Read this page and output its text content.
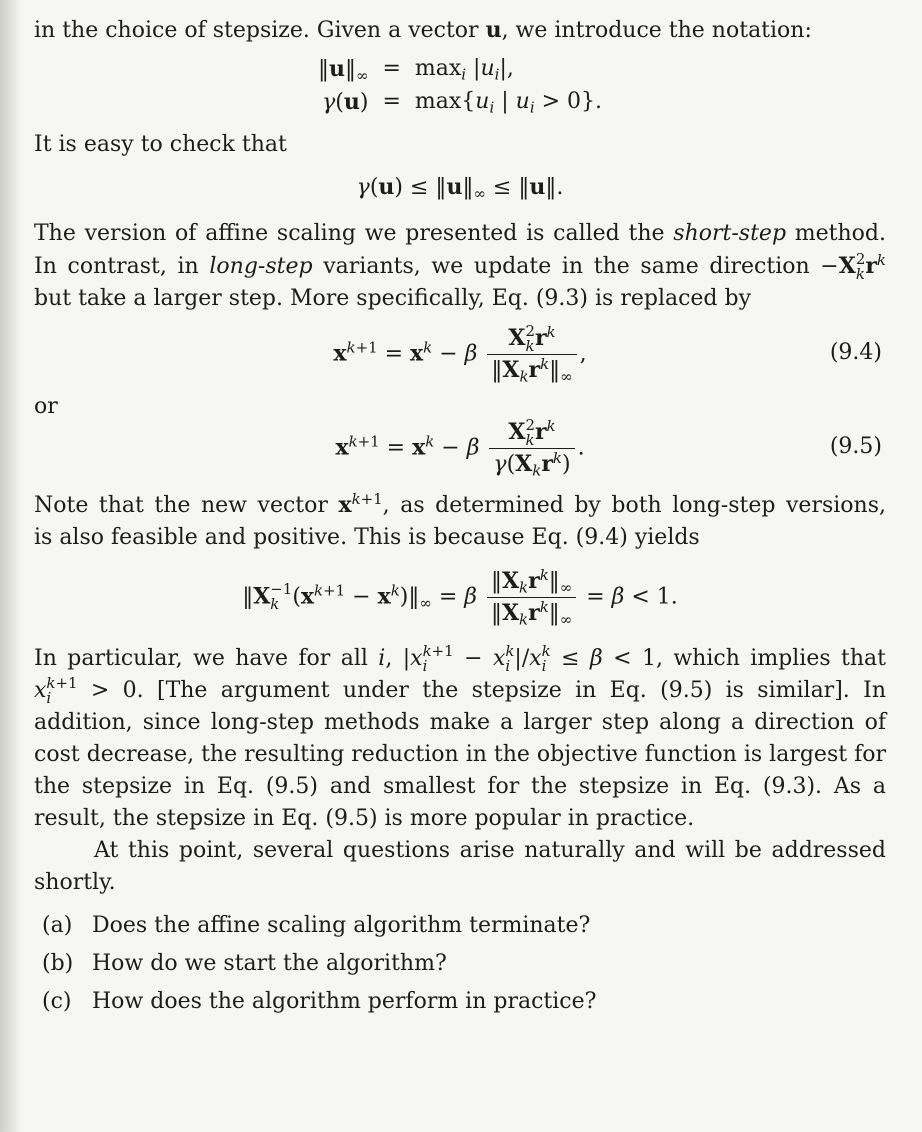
in the choice of stepsize. Given a vector u, we introduce the notation:
$‖u‖_\infty = \max_i |u_i|$,
$\gamma(u) = \max\{u_i$ | $u_i > 0$}.
It is easy to check that
$\gamma(u) \le ‖u‖_\infty$ ≤ ‖u‖.
The version of affine scaling we presented is called the short-step method.
In contrast, in long-step variants, we update in the same direction −X 2
k $r^k$
but take a larger step. More specifically, Eq. (9.3) is replaced by
$x^{k+1} = x^k - \beta$ X 2
k $r^k$
$‖X_kr^k‖_\infty$ ,	(9.4)
or
$x^{k+1} = x^k - \beta$ X 2
k $r^k$
$\gamma(X_kr^k)$ .	(9.5)
Note that the new vector $x^{k+1}$, as determined by both long-step versions,
is also feasible and positive. This is because Eq. (9.4) yields
‖X −1
k ($x^{k+1}$ − $x^k)‖_\infty = \beta \frac{‖X_kr^k‖_\infty}{‖X_kr^k‖_\infty} = \beta < 1$.
In particular, we have for all i, |x k+1
i	− x k
i |/x k
i ≤ β < 1, which implies that
x k+1
i	> 0. [The argument under the stepsize in Eq. (9.5) is similar]. In
addition, since long-step methods make a larger step along a direction of
cost decrease, the resulting reduction in the objective function is largest for
the stepsize in Eq. (9.5) and smallest for the stepsize in Eq. (9.3). As a
result, the stepsize in Eq. (9.5) is more popular in practice.
At this point, several questions arise naturally and will be addressed
shortly.
(a) Does the affine scaling algorithm terminate?
(b) How do we start the algorithm?
(c) How does the algorithm perform in practice?
